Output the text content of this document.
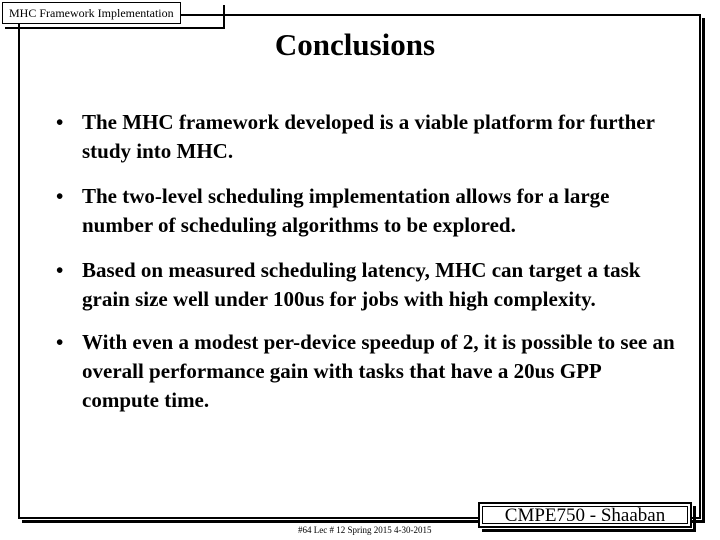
MHC Framework Implementation
Conclusions
• The MHC framework developed is a viable platform for further study into MHC.
• The two-level scheduling implementation allows for a large number of scheduling algorithms to be explored.
• Based on measured scheduling latency, MHC can target a task grain size well under 100us for jobs with high complexity.
• With even a modest per-device speedup of 2, it is possible to see an overall performance gain with tasks that have a 20us GPP compute time.
#64 Lec # 12 Spring 2015 4-30-2015
CMPE750 - Shaaban
